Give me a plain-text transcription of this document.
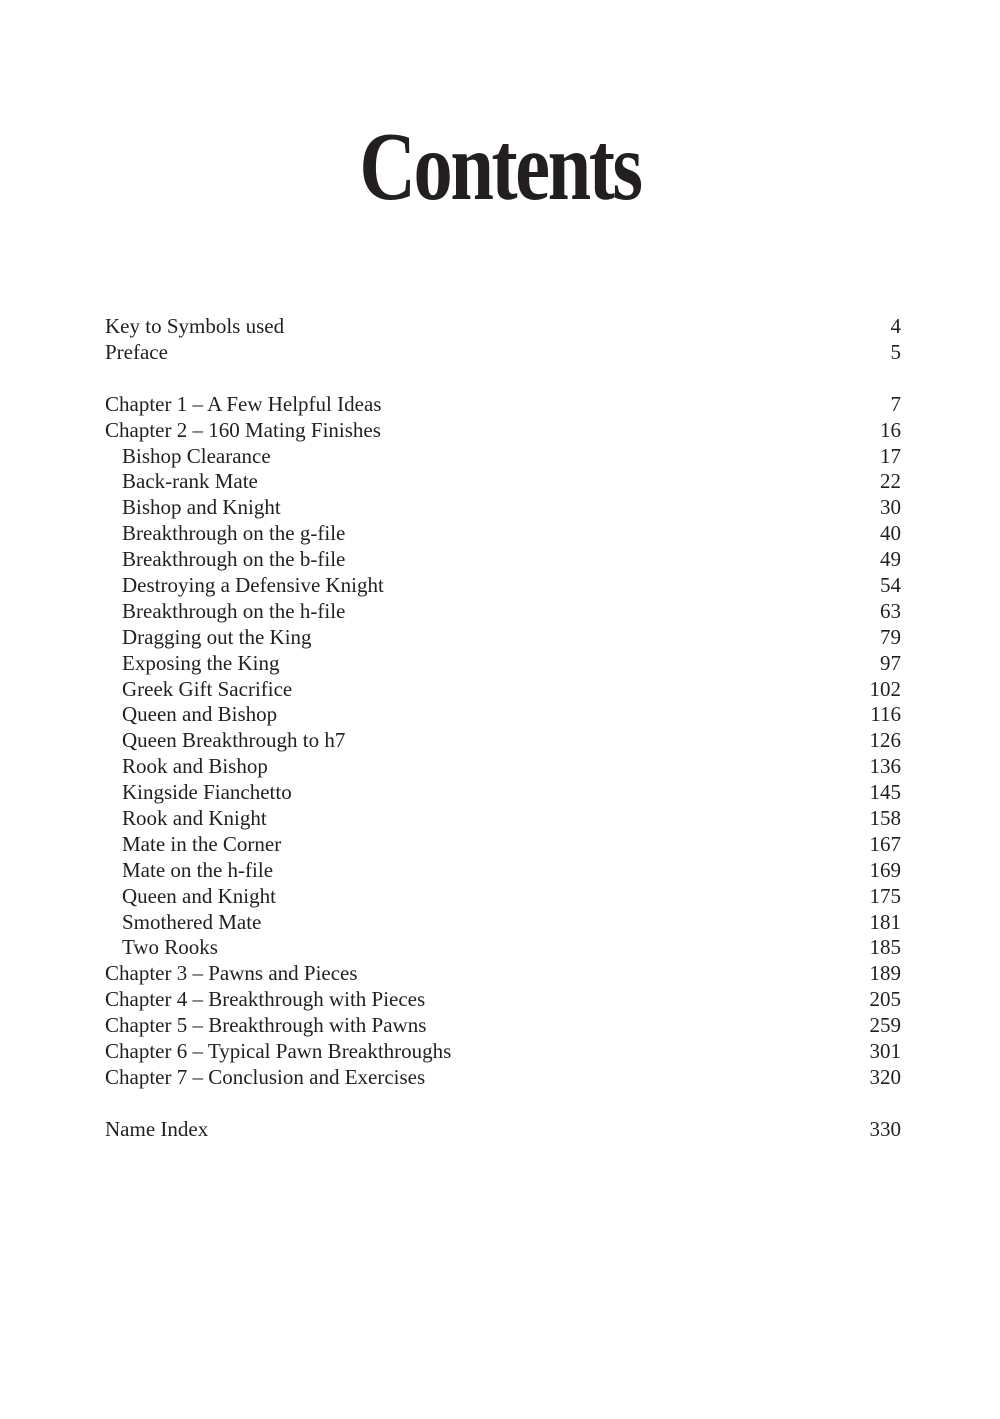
Contents
Key to Symbols used	4
Preface	5
Chapter 1 – A Few Helpful Ideas	7
Chapter 2 – 160 Mating Finishes	16
Bishop Clearance	17
Back-rank Mate	22
Bishop and Knight	30
Breakthrough on the g-file	40
Breakthrough on the b-file	49
Destroying a Defensive Knight	54
Breakthrough on the h-file	63
Dragging out the King	79
Exposing the King	97
Greek Gift Sacrifice	102
Queen and Bishop	116
Queen Breakthrough to h7	126
Rook and Bishop	136
Kingside Fianchetto	145
Rook and Knight	158
Mate in the Corner	167
Mate on the h-file	169
Queen and Knight	175
Smothered Mate	181
Two Rooks	185
Chapter 3 – Pawns and Pieces	189
Chapter 4 – Breakthrough with Pieces	205
Chapter 5 – Breakthrough with Pawns	259
Chapter 6 – Typical Pawn Breakthroughs	301
Chapter 7 – Conclusion and Exercises	320
Name Index	330
